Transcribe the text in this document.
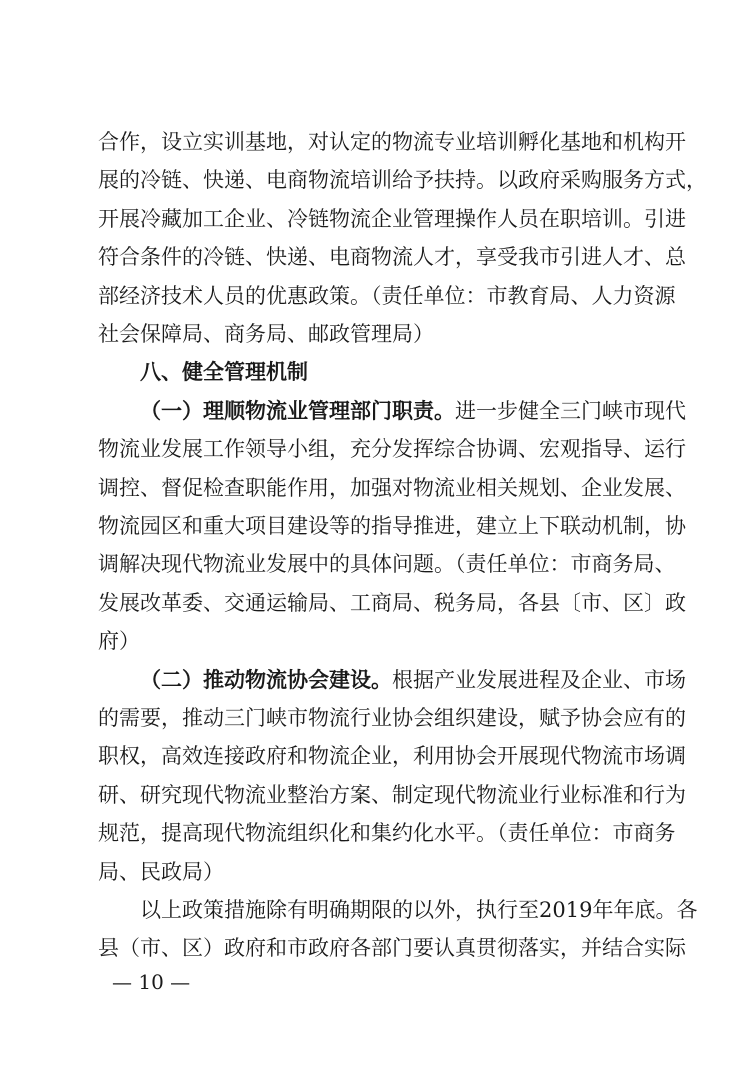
合作，设立实训基地，对认定的物流专业培训孵化基地和机构开
展的冷链、快递、电商物流培训给予扶持。以政府采购服务方式，
开展冷藏加工企业、冷链物流企业管理操作人员在职培训。引进
符合条件的冷链、快递、电商物流人才，享受我市引进人才、总
部经济技术人员的优惠政策。（责任单位：市教育局、人力资源
社会保障局、商务局、邮政管理局）
八、健全管理机制
（一）理顺物流业管理部门职责。进一步健全三门峡市现代
物流业发展工作领导小组，充分发挥综合协调、宏观指导、运行
调控、督促检查职能作用，加强对物流业相关规划、企业发展、
物流园区和重大项目建设等的指导推进，建立上下联动机制，协
调解决现代物流业发展中的具体问题。（责任单位：市商务局、
发展改革委、交通运输局、工商局、税务局，各县〔市、区〕政
府）
（二）推动物流协会建设。根据产业发展进程及企业、市场
的需要，推动三门峡市物流行业协会组织建设，赋予协会应有的
职权，高效连接政府和物流企业，利用协会开展现代物流市场调
研、研究现代物流业整治方案、制定现代物流业行业标准和行为
规范，提高现代物流组织化和集约化水平。（责任单位：市商务
局、民政局）
— 10 —
以上政策措施除有明确期限的以外，执行至2019年年底。各
县（市、区）政府和市政府各部门要认真贯彻落实，并结合实际
